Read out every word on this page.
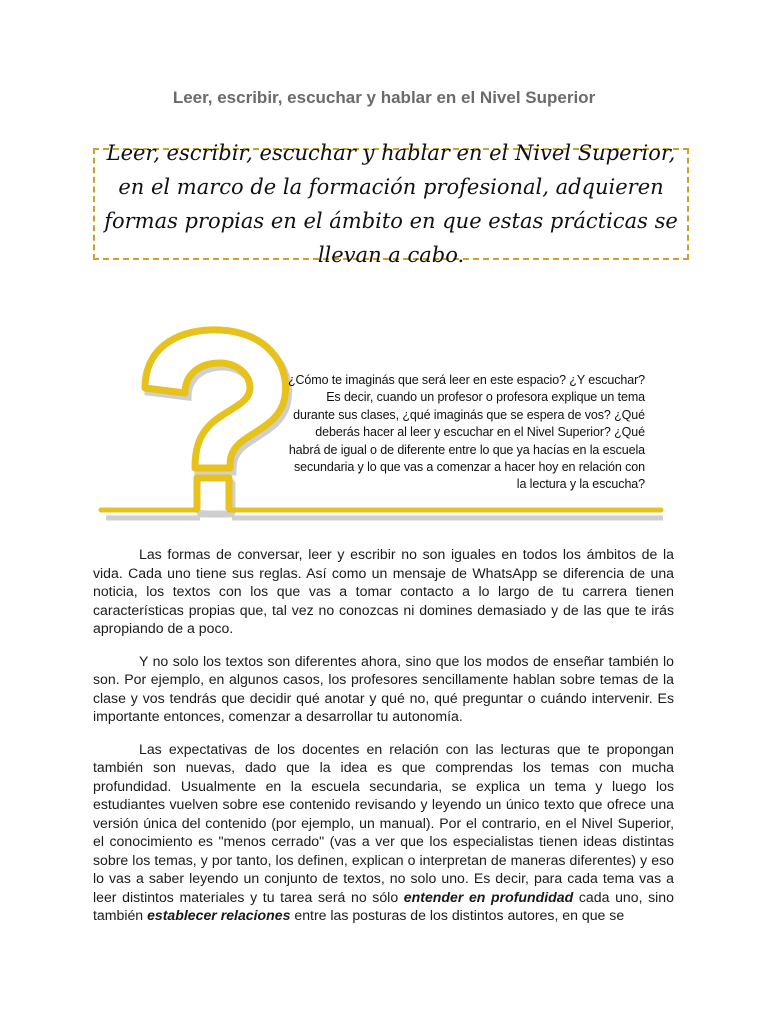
Leer, escribir, escuchar y hablar en el Nivel Superior
Leer, escribir, escuchar y hablar en el Nivel Superior, en el marco de la formación profesional, adquieren formas propias en el ámbito en que estas prácticas se llevan a cabo.
¿Cómo te imaginás que será leer en este espacio? ¿Y escuchar? Es decir, cuando un profesor o profesora explique un tema durante sus clases, ¿qué imaginás que se espera de vos? ¿Qué deberás hacer al leer y escuchar en el Nivel Superior? ¿Qué habrá de igual o de diferente entre lo que ya hacías en la escuela secundaria y lo que vas a comenzar a hacer hoy en relación con la lectura y la escucha?

Las formas de conversar, leer y escribir no son iguales en todos los ámbitos de la vida. Cada uno tiene sus reglas. Así como un mensaje de WhatsApp se diferencia de una noticia, los textos con los que vas a tomar contacto a lo largo de tu carrera tienen características propias que, tal vez no conozcas ni domines demasiado y de las que te irás apropiando de a poco.

Y no solo los textos son diferentes ahora, sino que los modos de enseñar también lo son. Por ejemplo, en algunos casos, los profesores sencillamente hablan sobre temas de la clase y vos tendrás que decidir qué anotar y qué no, qué preguntar o cuándo intervenir. Es importante entonces, comenzar a desarrollar tu autonomía.

Las expectativas de los docentes en relación con las lecturas que te propongan también son nuevas, dado que la idea es que comprendas los temas con mucha profundidad. Usualmente en la escuela secundaria, se explica un tema y luego los estudiantes vuelven sobre ese contenido revisando y leyendo un único texto que ofrece una versión única del contenido (por ejemplo, un manual). Por el contrario, en el Nivel Superior, el conocimiento es "menos cerrado" (vas a ver que los especialistas tienen ideas distintas sobre los temas, y por tanto, los definen, explican o interpretan de maneras diferentes) y eso lo vas a saber leyendo un conjunto de textos, no solo uno. Es decir, para cada tema vas a leer distintos materiales y tu tarea será no sólo entender en profundidad cada uno, sino también establecer relaciones entre las posturas de los distintos autores, en que se
